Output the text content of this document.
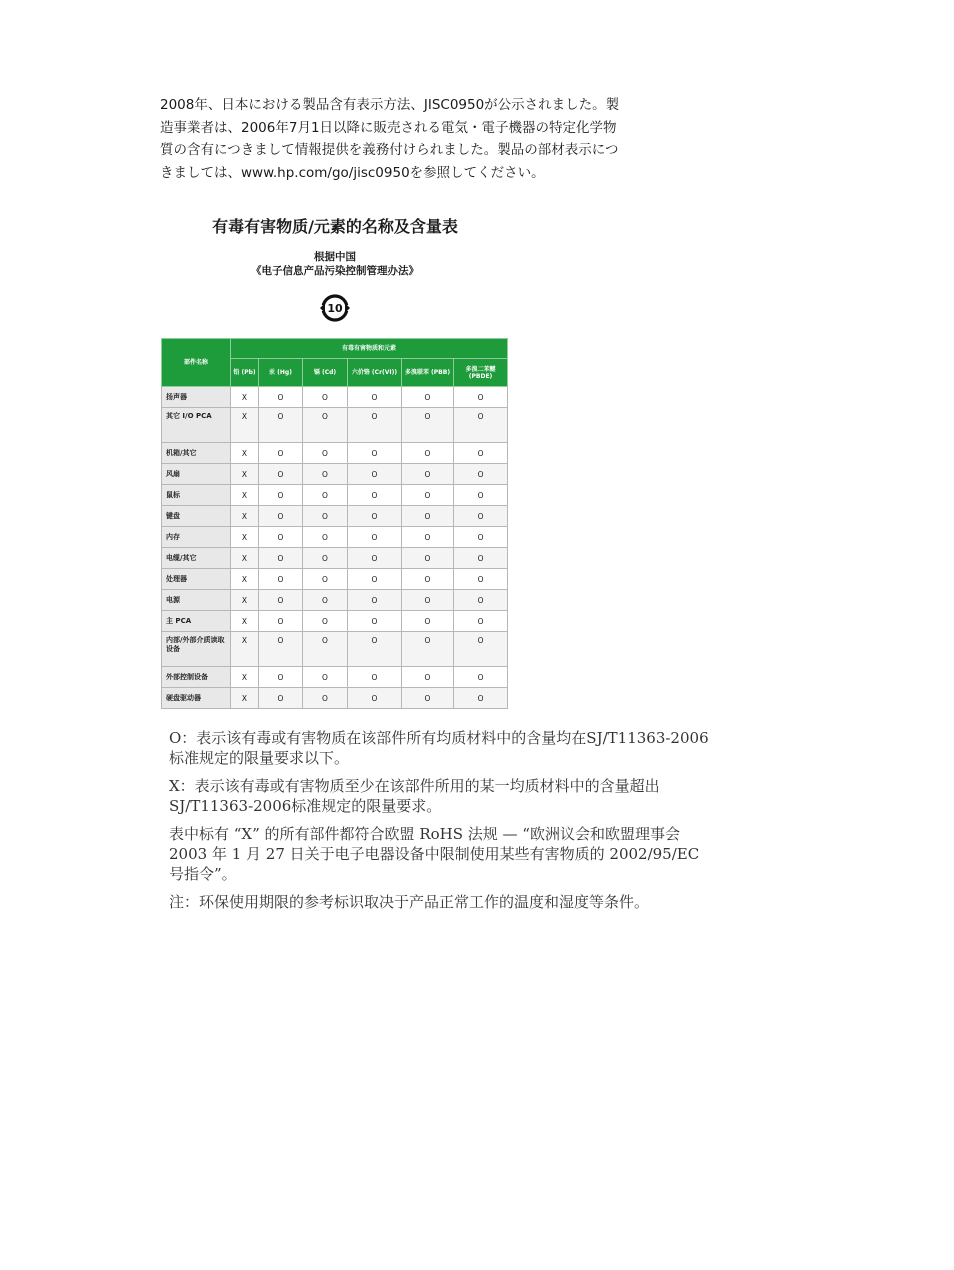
2008年、日本における製品含有表示方法、JISC0950が公示されました。製造事業者は、2006年7月1日以降に販売される電気・電子機器の特定化学物質の含有につきまして情報提供を義務付けられました。製品の部材表示につきましては、www.hp.com/go/jisc0950を参照してください。

有毒有害物质/元素的名称及含量表
根据中国
《电子信息产品污染控制管理办法》
10
部件名称	有毒有害物质和元素					
	铅 (Pb)	汞 (Hg)	镉 (Cd)	六价铬 (Cr(VI))	多溴联苯 (PBB)	多溴二苯醚 (PBDE)
扬声器	X	O	O	O	O	O
其它 I/O PCA	X	O	O	O	O	O
机箱/其它	X	O	O	O	O	O
风扇	X	O	O	O	O	O
鼠标	X	O	O	O	O	O
键盘	X	O	O	O	O	O
内存	X	O	O	O	O	O
电缆/其它	X	O	O	O	O	O
处理器	X	O	O	O	O	O
电源	X	O	O	O	O	O
主 PCA	X	O	O	O	O	O
内部/外部介质读取设备	X	O	O	O	O	O
外部控制设备	X	O	O	O	O	O
硬盘驱动器	X	O	O	O	O	O

O：表示该有毒或有害物质在该部件所有均质材料中的含量均在SJ/T11363-2006标准规定的限量要求以下。

X：表示该有毒或有害物质至少在该部件所用的某一均质材料中的含量超出SJ/T11363-2006标准规定的限量要求。

表中标有 “X” 的所有部件都符合欧盟 RoHS 法规 — “欧洲议会和欧盟理事会 2003 年 1 月 27 日关于电子电器设备中限制使用某些有害物质的 2002/95/EC 号指令”。

注：环保使用期限的参考标识取决于产品正常工作的温度和湿度等条件。
